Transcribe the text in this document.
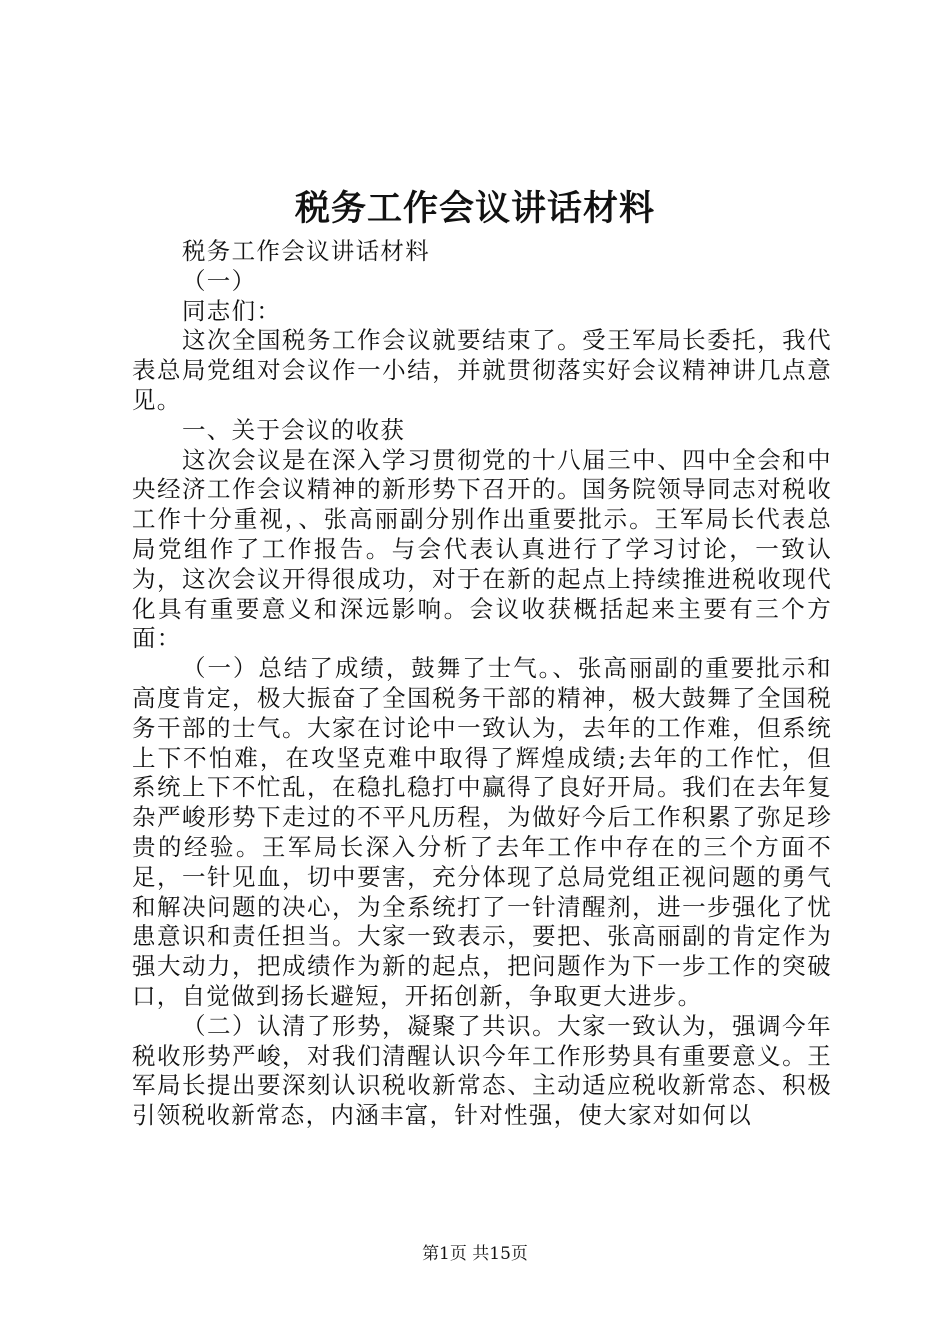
税务工作会议讲话材料

税务工作会议讲话材料

（一）

同志们：

这次全国税务工作会议就要结束了。受王军局长委托，我代表总局党组对会议作一小结，并就贯彻落实好会议精神讲几点意见。

一、关于会议的收获

这次会议是在深入学习贯彻党的十八届三中、四中全会和中央经济工作会议精神的新形势下召开的。国务院领导同志对税收工作十分重视，、张高丽副分别作出重要批示。王军局长代表总局党组作了工作报告。与会代表认真进行了学习讨论，一致认为，这次会议开得很成功，对于在新的起点上持续推进税收现代化具有重要意义和深远影响。会议收获概括起来主要有三个方面：

（一）总结了成绩，鼓舞了士气。、张高丽副的重要批示和高度肯定，极大振奋了全国税务干部的精神，极大鼓舞了全国税务干部的士气。大家在讨论中一致认为，去年的工作难，但系统上下不怕难，在攻坚克难中取得了辉煌成绩;去年的工作忙，但系统上下不忙乱，在稳扎稳打中赢得了良好开局。我们在去年复杂严峻形势下走过的不平凡历程，为做好今后工作积累了弥足珍贵的经验。王军局长深入分析了去年工作中存在的三个方面不足，一针见血，切中要害，充分体现了总局党组正视问题的勇气和解决问题的决心，为全系统打了一针清醒剂，进一步强化了忧患意识和责任担当。大家一致表示，要把、张高丽副的肯定作为强大动力，把成绩作为新的起点，把问题作为下一步工作的突破口，自觉做到扬长避短，开拓创新，争取更大进步。

（二）认清了形势，凝聚了共识。大家一致认为，强调今年税收形势严峻，对我们清醒认识今年工作形势具有重要意义。王军局长提出要深刻认识税收新常态、主动适应税收新常态、积极引领税收新常态，内涵丰富，针对性强，使大家对如何以

第1页 共15页
